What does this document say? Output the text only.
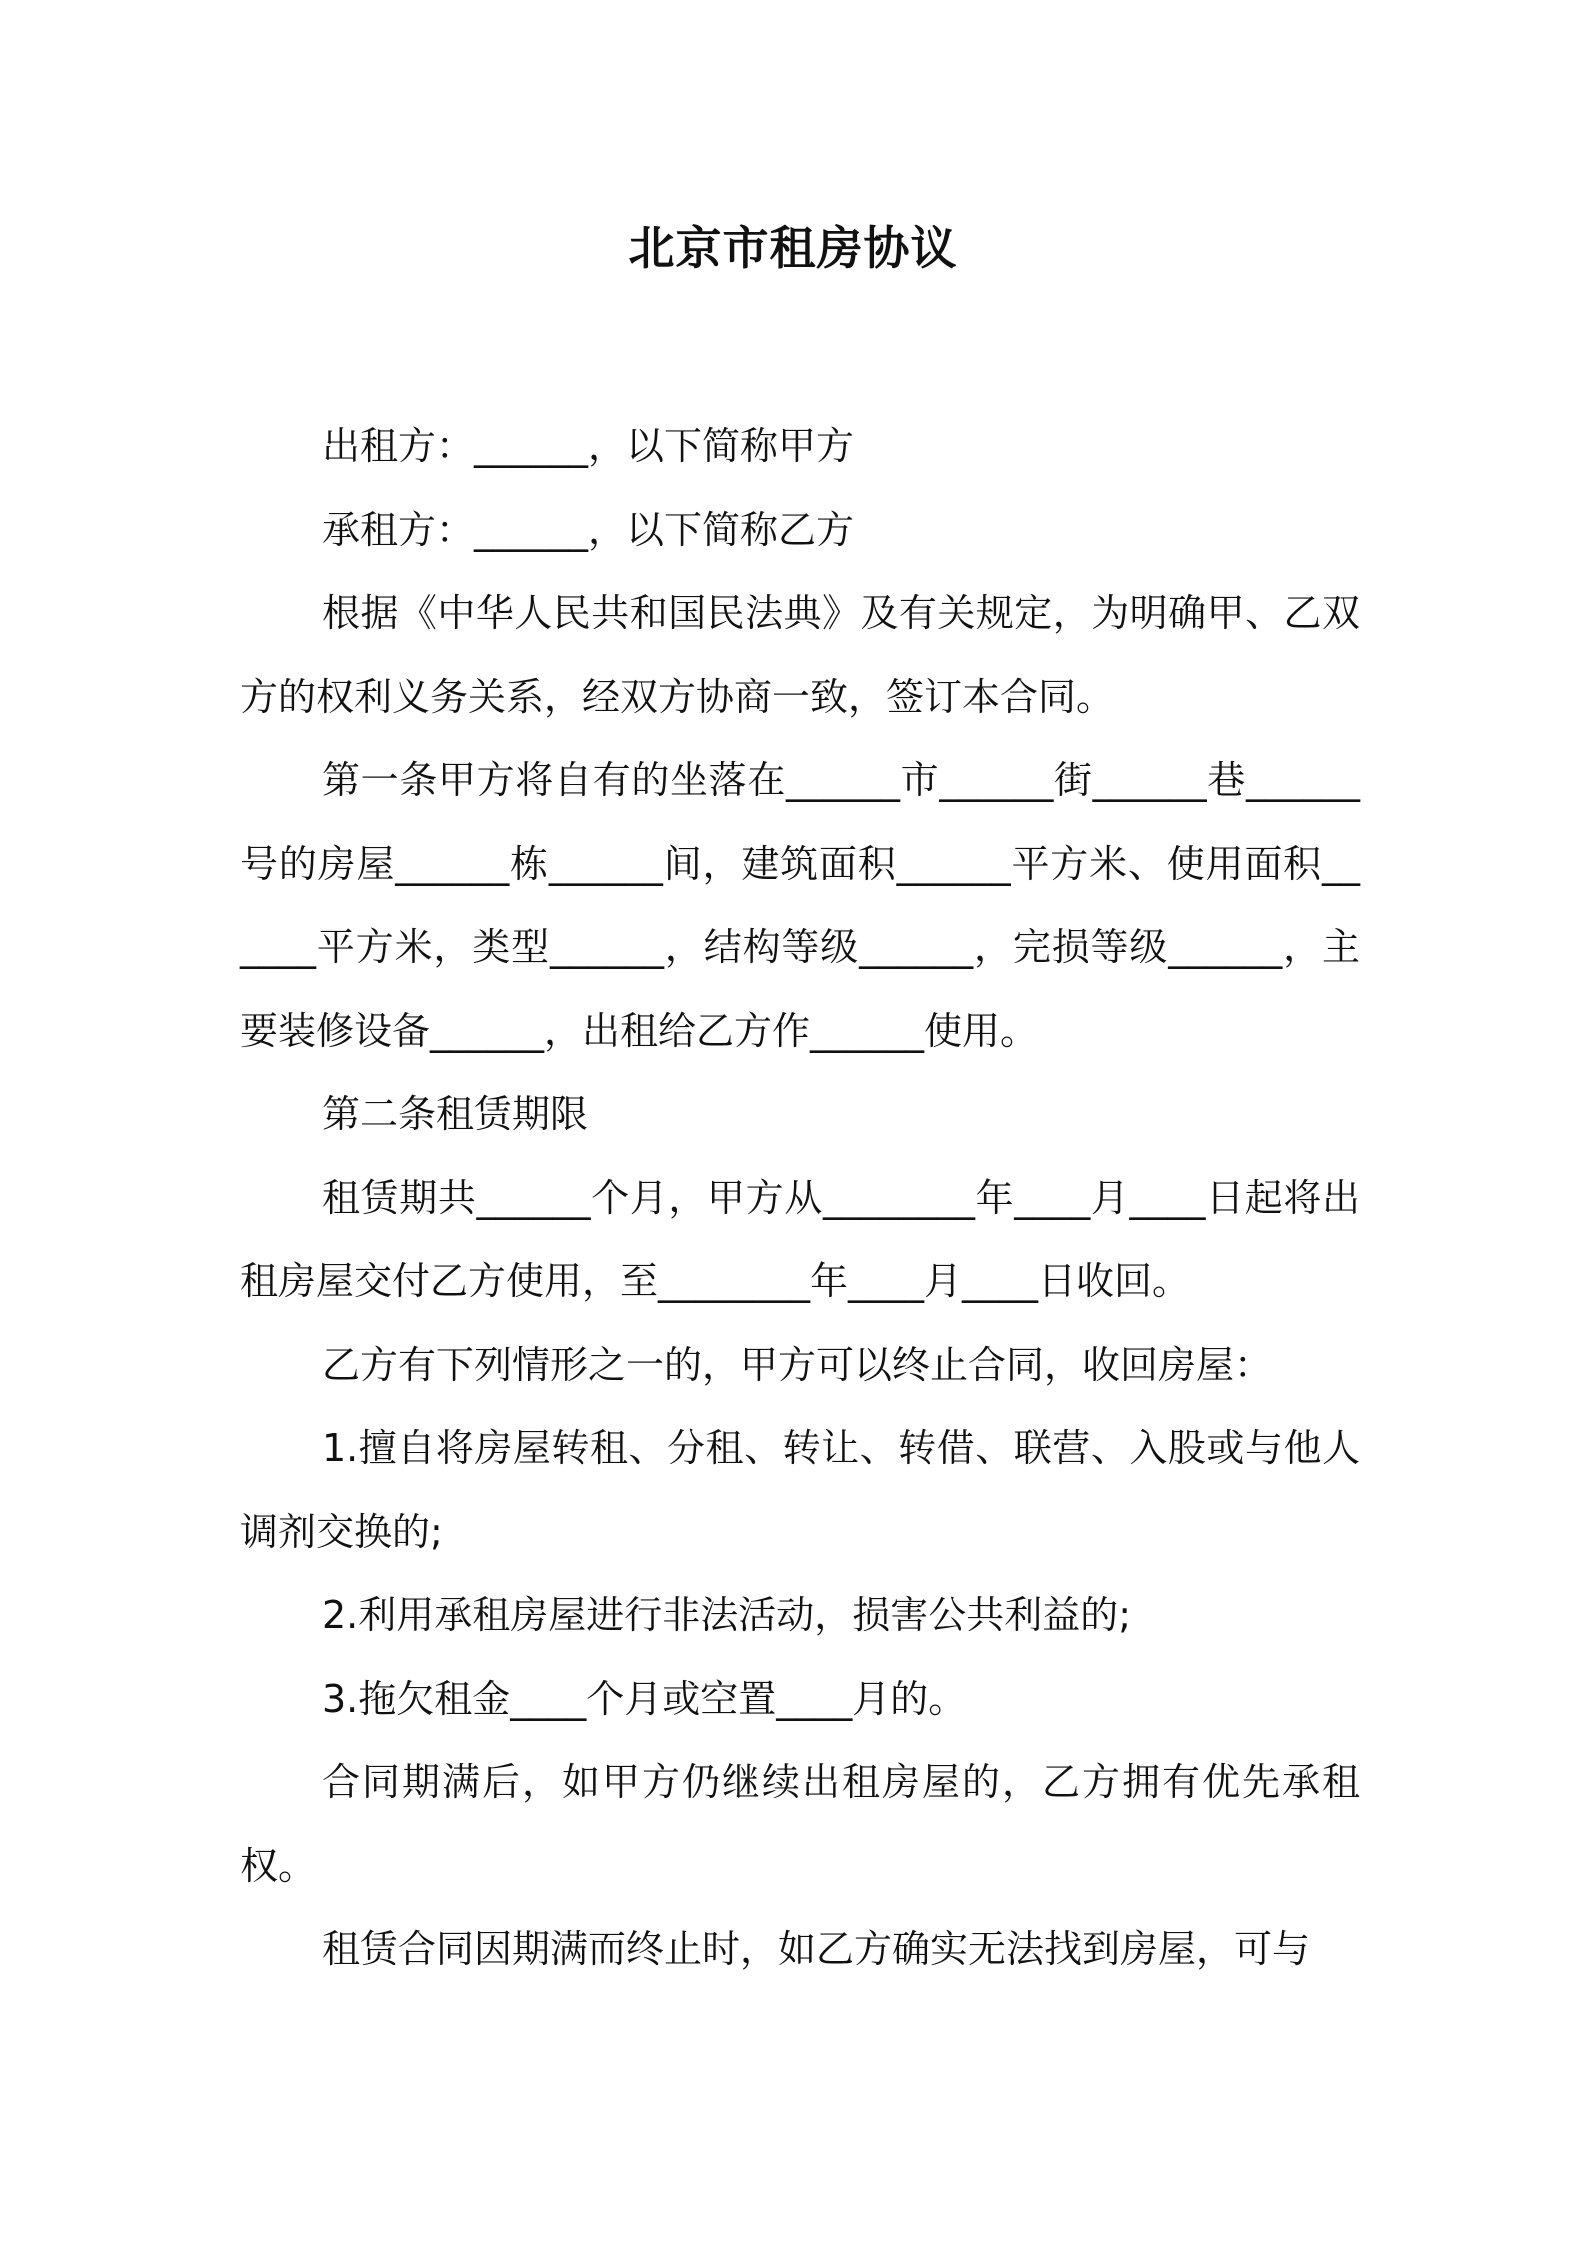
北京市租房协议

出租方：______，以下简称甲方

承租方：______，以下简称乙方

根据《中华人民共和国民法典》及有关规定，为明确甲、乙双方的权利义务关系，经双方协商一致，签订本合同。

第一条甲方将自有的坐落在______市______街______巷______号的房屋______栋______间，建筑面积______平方米、使用面积______平方米，类型______，结构等级______，完损等级______，主要装修设备______，出租给乙方作______使用。

第二条租赁期限

租赁期共______个月，甲方从________年____月____日起将出租房屋交付乙方使用，至________年____月____日收回。

乙方有下列情形之一的，甲方可以终止合同，收回房屋：

1.擅自将房屋转租、分租、转让、转借、联营、入股或与他人调剂交换的;

2.利用承租房屋进行非法活动，损害公共利益的;

3.拖欠租金____个月或空置____月的。

合同期满后，如甲方仍继续出租房屋的，乙方拥有优先承租权。

租赁合同因期满而终止时，如乙方确实无法找到房屋，可与
